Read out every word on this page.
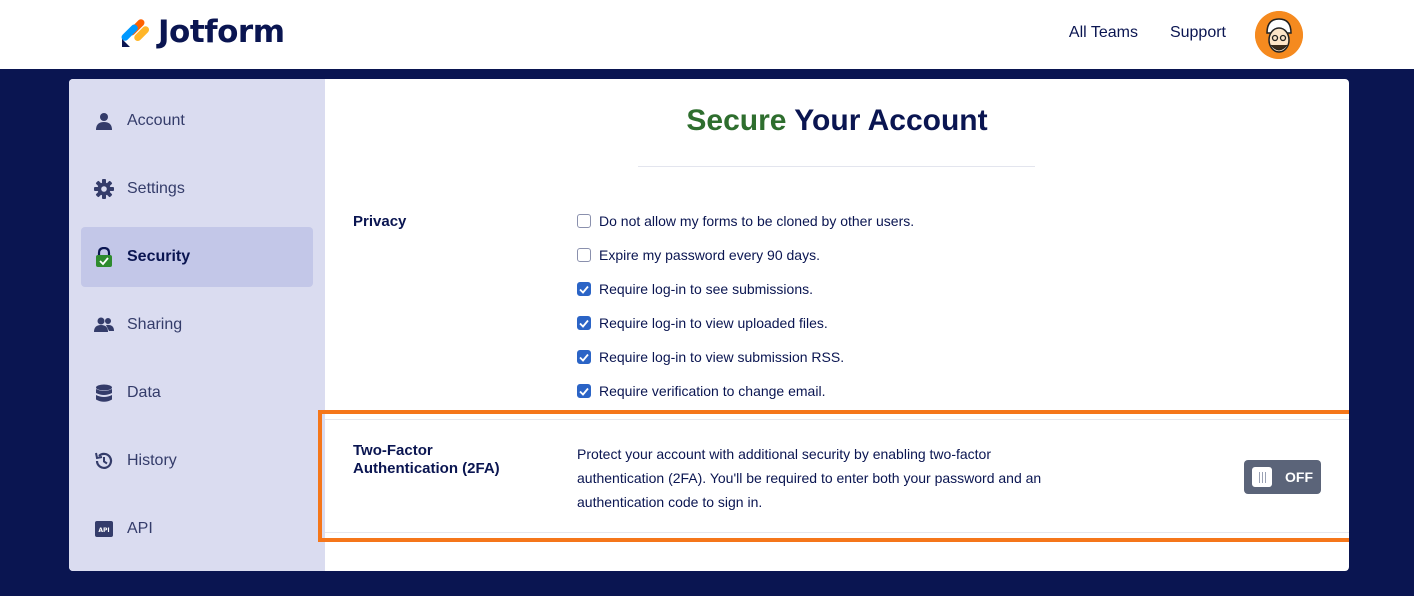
Jotform	All Teams Support
Account
Settings
Security
Sharing
Data
History
API API
Secure Your Account
Privacy	Do not allow my forms to be cloned by other users.
Expire my password every 90 days.
Require log-in to see submissions.
Require log-in to view uploaded files.
Require log-in to view submission RSS.
Require verification to change email.
Two-Factor
Authentication (2FA)
Protect your account with additional security by enabling two-factor authentication (2FA). You'll be required to enter both your password and an authentication code to sign in.
OFF
